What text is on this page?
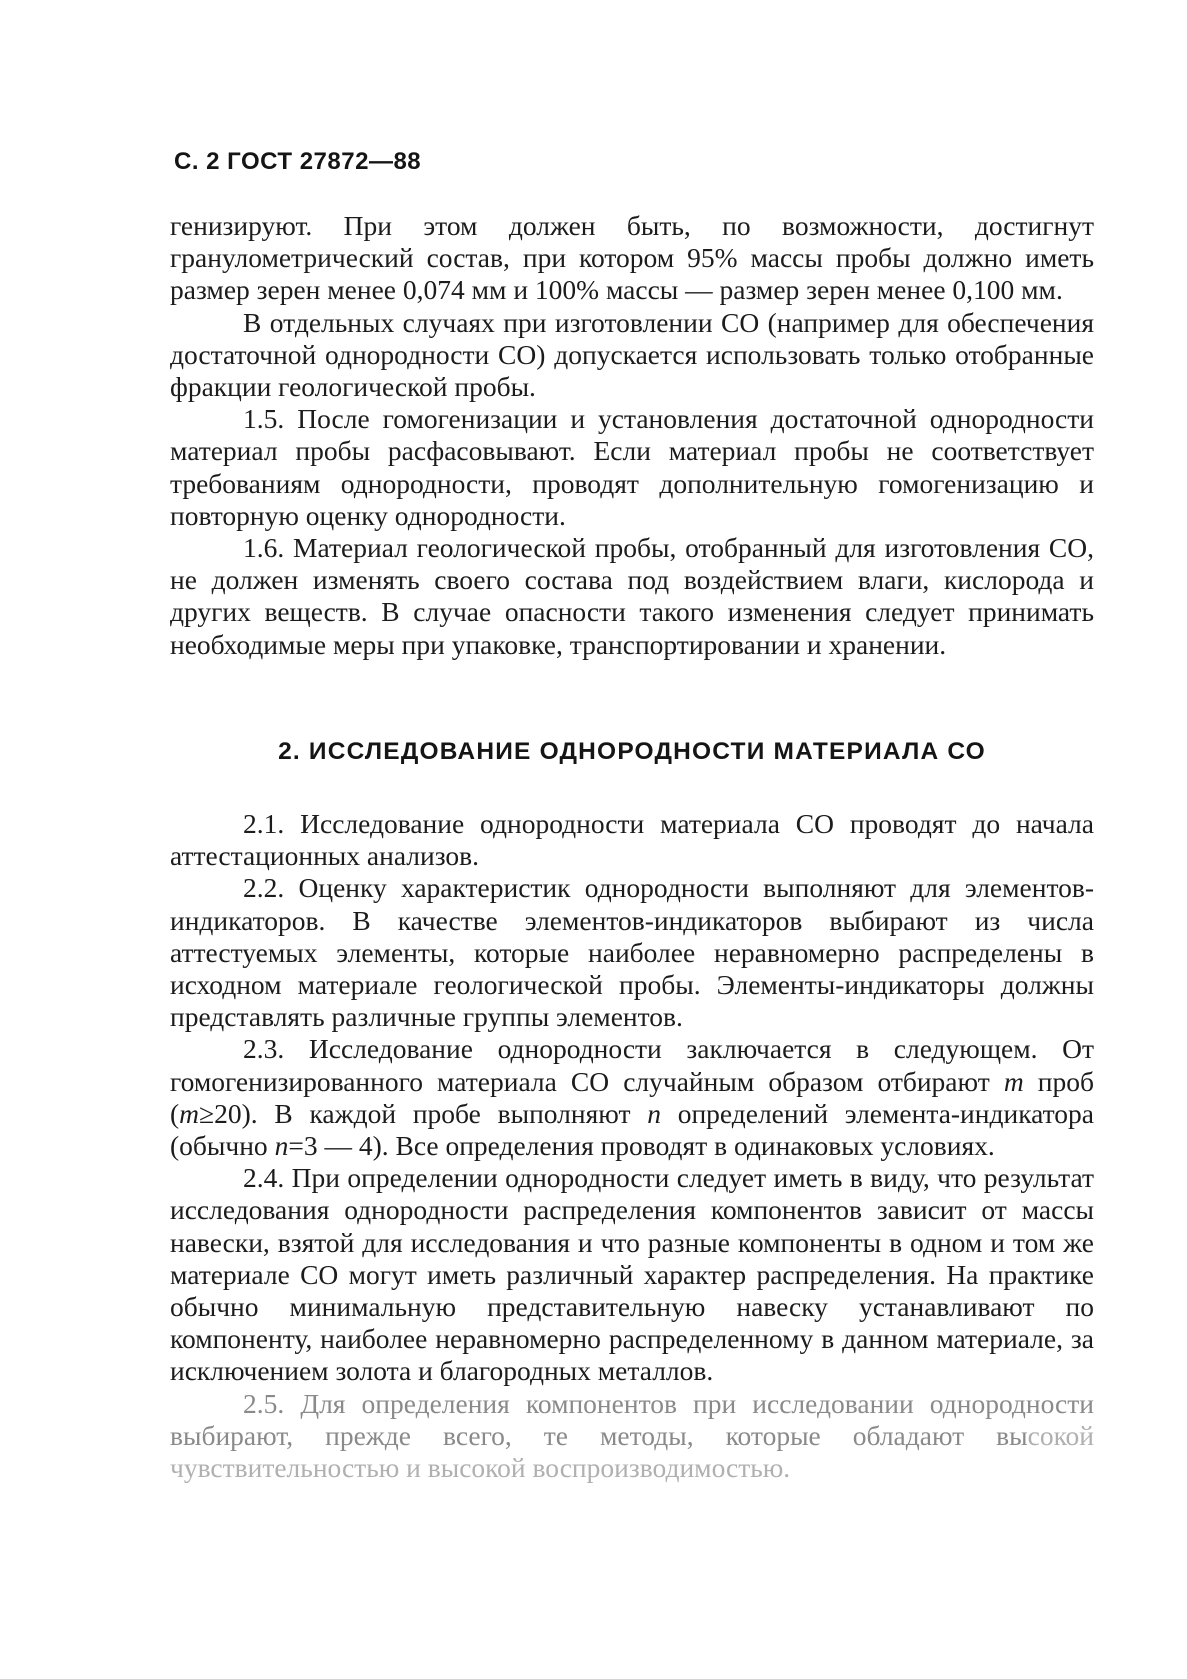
С. 2 ГОСТ 27872—88

генизируют. При этом должен быть, по возможности, достигнут гранулометрический состав, при котором 95% массы пробы должно иметь размер зерен менее 0,074 мм и 100% массы — размер зерен менее 0,100 мм.

В отдельных случаях при изготовлении СО (например для обеспечения достаточной однородности СО) допускается использовать только отобранные фракции геологической пробы.

1.5. После гомогенизации и установления достаточной однородности материал пробы расфасовывают. Если материал пробы не соответствует требованиям однородности, проводят дополнительную гомогенизацию и повторную оценку однородности.

1.6. Материал геологической пробы, отобранный для изготовления СО, не должен изменять своего состава под воздействием влаги, кислорода и других веществ. В случае опасности такого изменения следует принимать необходимые меры при упаковке, транспортировании и хранении.

2. ИССЛЕДОВАНИЕ ОДНОРОДНОСТИ МАТЕРИАЛА СО

2.1. Исследование однородности материала СО проводят до начала аттестационных анализов.

2.2. Оценку характеристик однородности выполняют для элементов-индикаторов. В качестве элементов-индикаторов выбирают из числа аттестуемых элементы, которые наиболее неравномерно распределены в исходном материале геологической пробы. Элементы-индикаторы должны представлять различные группы элементов.

2.3. Исследование однородности заключается в следующем. От гомогенизированного материала СО случайным образом отбирают m проб (m≥20). В каждой пробе выполняют n определений элемента-индикатора (обычно n=3 — 4). Все определения проводят в одинаковых условиях.

2.4. При определении однородности следует иметь в виду, что результат исследования однородности распределения компонентов зависит от массы навески, взятой для исследования и что разные компоненты в одном и том же материале СО могут иметь различный характер распределения. На практике обычно минимальную представительную навеску устанавливают по компоненту, наиболее неравномерно распределенному в данном материале, за исключением золота и благородных металлов.

2.5. Для определения компонентов при исследовании однородности выбирают, прежде всего, те методы, которые обладают высокой чувствительностью и высокой воспроизводимостью.
